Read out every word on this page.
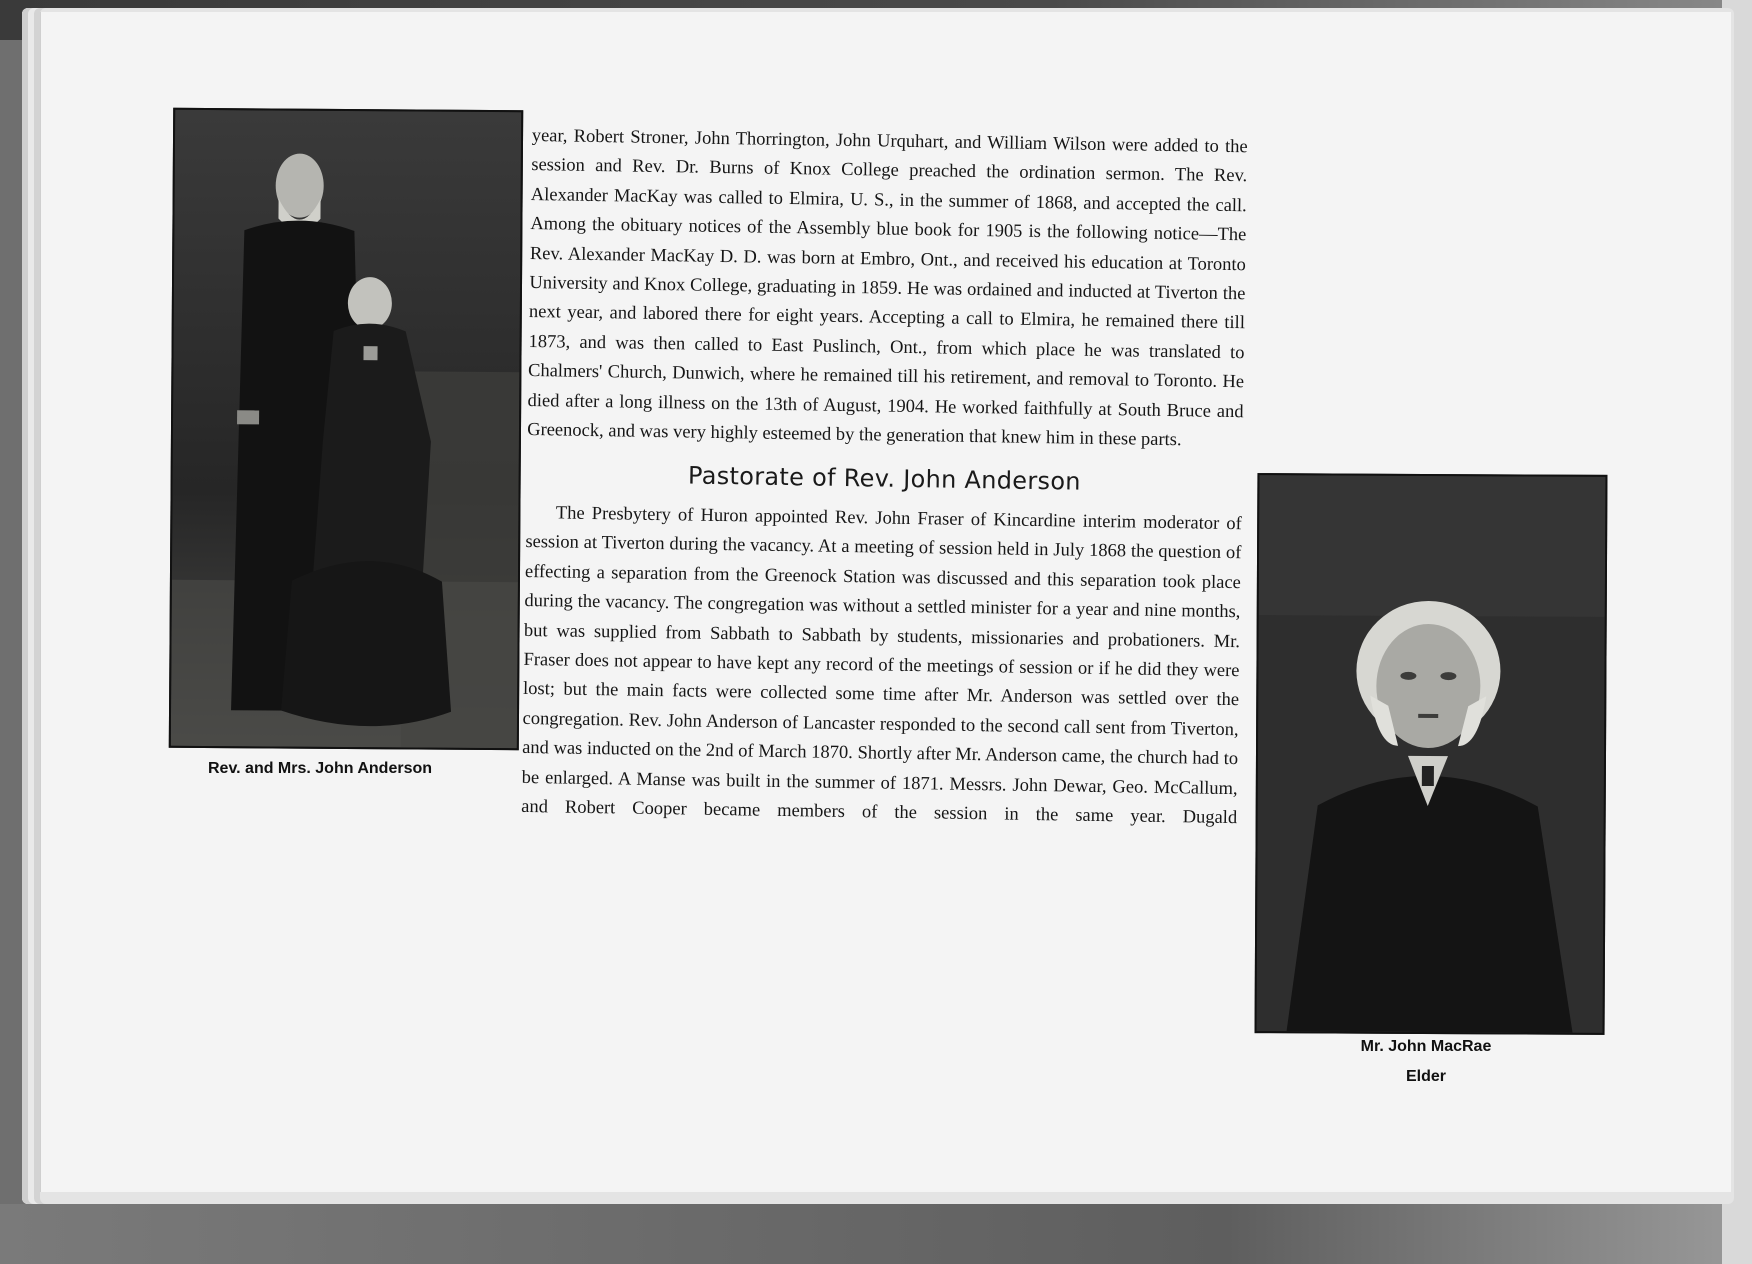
Rev. and Mrs. John Anderson
Mr. John MacRae
Elder

year, Robert Stroner, John Thorrington, John Urquhart, and William Wilson were added to the session and Rev. Dr. Burns of Knox College preached the ordination sermon. The Rev. Alexander MacKay was called to Elmira, U. S., in the summer of 1868, and accepted the call. Among the obituary notices of the Assembly blue book for 1905 is the following notice—The Rev. Alexander MacKay D. D. was born at Embro, Ont., and received his education at Toronto University and Knox College, graduating in 1859. He was ordained and inducted at Tiverton the next year, and labored there for eight years. Accepting a call to Elmira, he remained there till 1873, and was then called to East Puslinch, Ont., from which place he was translated to Chalmers' Church, Dunwich, where he remained till his retirement, and removal to Toronto. He died after a long illness on the 13th of August, 1904. He worked faithfully at South Bruce and Greenock, and was very highly esteemed by the generation that knew him in these parts.

Pastorate of Rev. John Anderson

The Presbytery of Huron appointed Rev. John Fraser of Kincardine interim moderator of session at Tiverton during the vacancy. At a meeting of session held in July 1868 the question of effecting a separation from the Greenock Station was discussed and this separation took place during the vacancy. The congregation was without a settled minister for a year and nine months, but was supplied from Sabbath to Sabbath by students, missionaries and probationers. Mr. Fraser does not appear to have kept any record of the meetings of session or if he did they were lost; but the main facts were collected some time after Mr. Anderson was settled over the congregation. Rev. John Anderson of Lancaster responded to the second call sent from Tiverton, and was inducted on the 2nd of March 1870. Shortly after Mr. Anderson came, the church had to be enlarged. A Manse was built in the summer of 1871. Messrs. John Dewar, Geo. McCallum, and Robert Cooper became members of the session in the same year. Dugald
